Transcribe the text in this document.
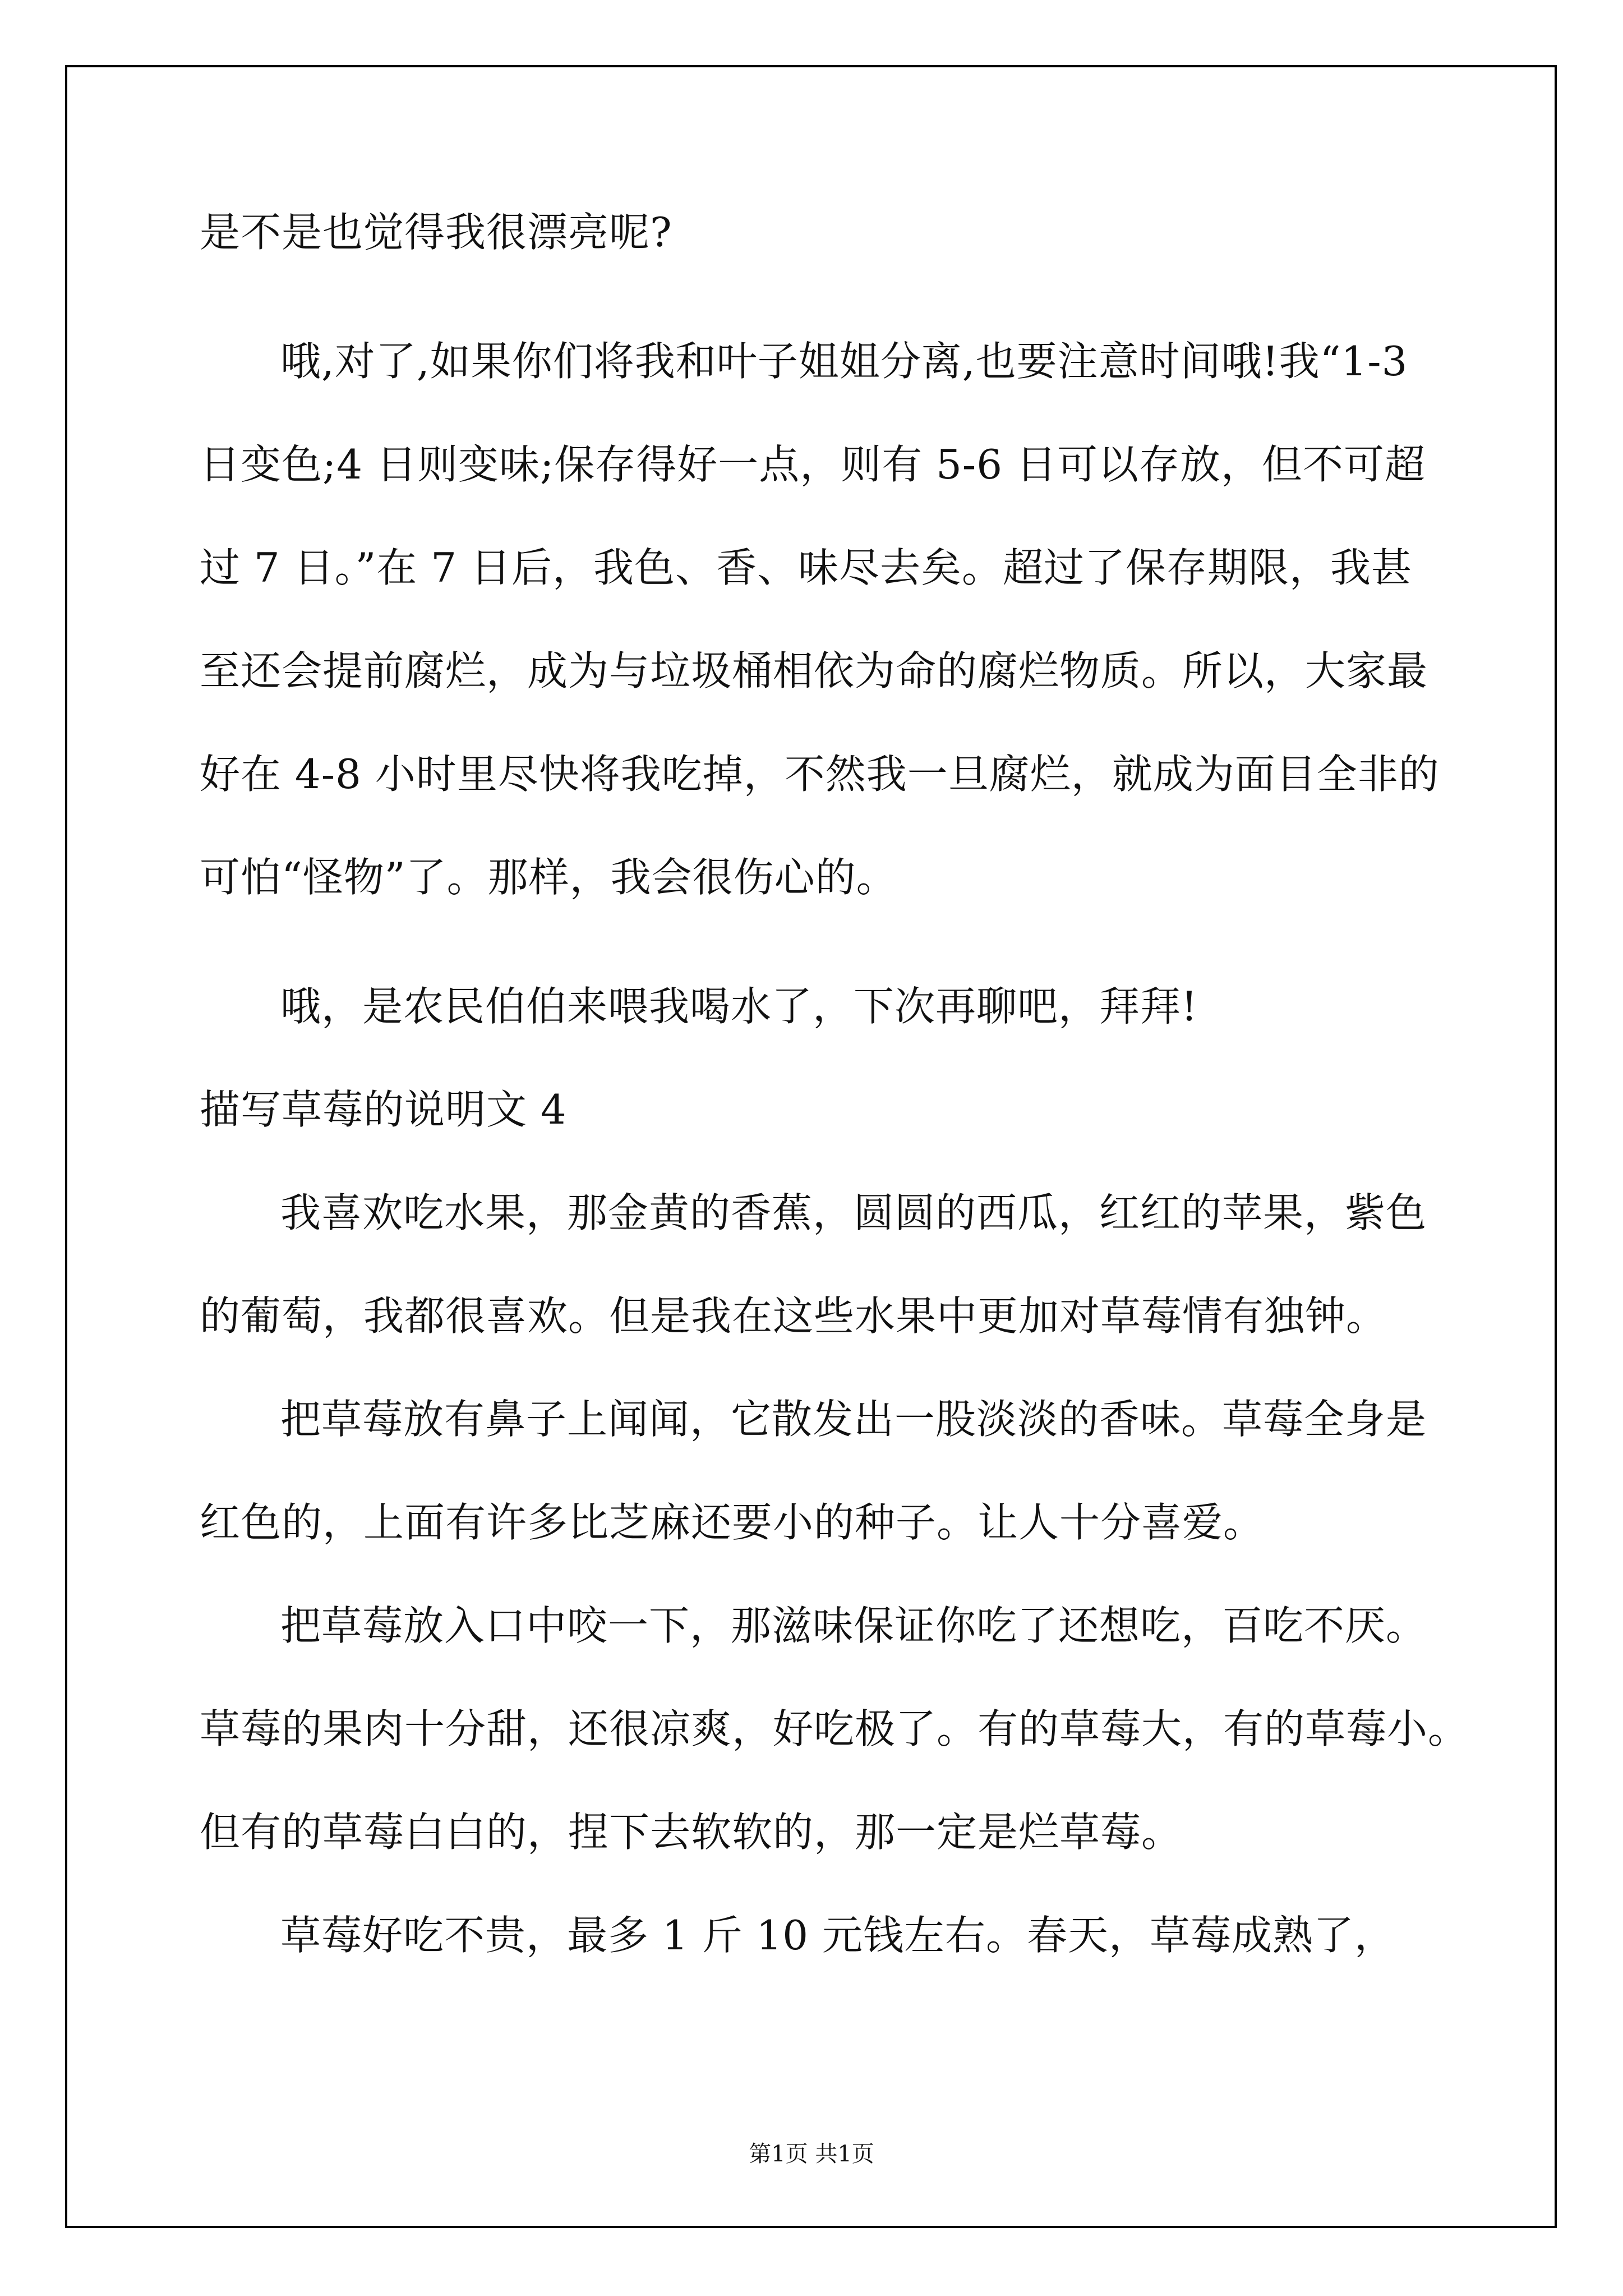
是不是也觉得我很漂亮呢?
哦,对了,如果你们将我和叶子姐姐分离,也要注意时间哦!我“1-3
日变色;4 日则变味;保存得好一点，则有 5-6 日可以存放，但不可超
过 7 日。”在 7 日后，我色、香、味尽去矣。超过了保存期限，我甚
至还会提前腐烂，成为与垃圾桶相依为命的腐烂物质。所以，大家最
好在 4-8 小时里尽快将我吃掉，不然我一旦腐烂，就成为面目全非的
可怕“怪物”了。那样，我会很伤心的。
哦，是农民伯伯来喂我喝水了，下次再聊吧，拜拜!
描写草莓的说明文 4
我喜欢吃水果，那金黄的香蕉，圆圆的西瓜，红红的苹果，紫色
的葡萄，我都很喜欢。但是我在这些水果中更加对草莓情有独钟。
把草莓放有鼻子上闻闻，它散发出一股淡淡的香味。草莓全身是
红色的，上面有许多比芝麻还要小的种子。让人十分喜爱。
把草莓放入口中咬一下，那滋味保证你吃了还想吃，百吃不厌。
草莓的果肉十分甜，还很凉爽，好吃极了。有的草莓大，有的草莓小。
但有的草莓白白的，捏下去软软的，那一定是烂草莓。
草莓好吃不贵，最多 1 斤 10 元钱左右。春天，草莓成熟了，
第1页 共1页
